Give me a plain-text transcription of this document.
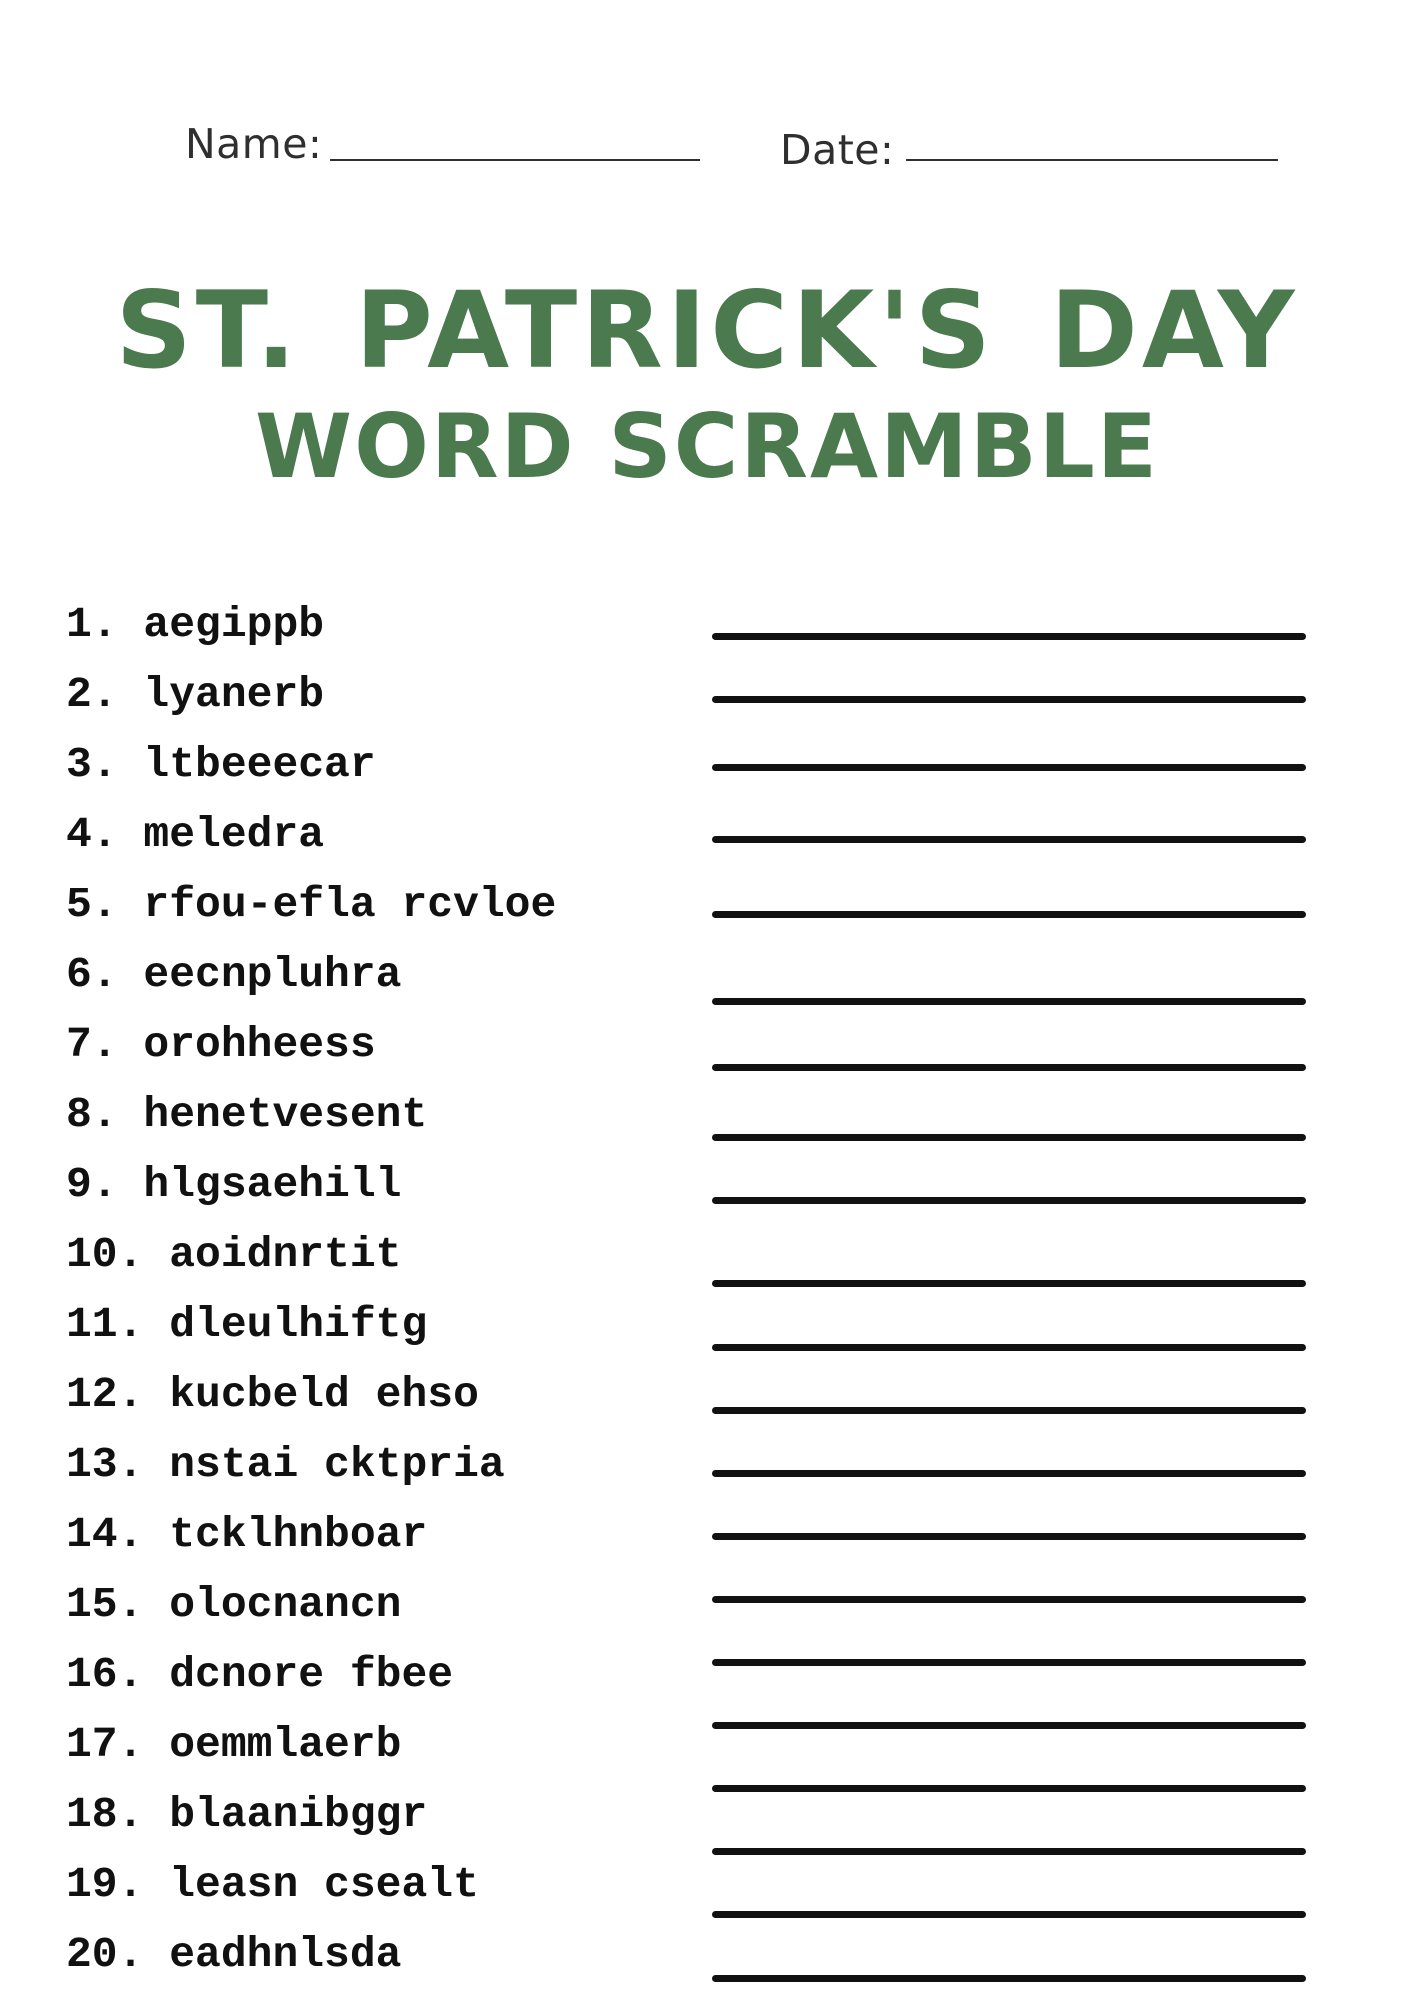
Name:	Date:
ST. PATRICK'S DAY
WORD SCRAMBLE
1. aegippb
2. lyanerb
3. ltbeeecar
4. meledra
5. rfou-efla rcvloe
6. eecnpluhra
7. orohheess
8. henetvesent
9. hlgsaehill
10. aoidnrtit
11. dleulhiftg
12. kucbeld ehso
13. nstai cktpria
14. tcklhnboar
15. olocnancn
16. dcnore fbee
17. oemmlaerb
18. blaanibggr
19. leasn csealt
20. eadhnlsda
